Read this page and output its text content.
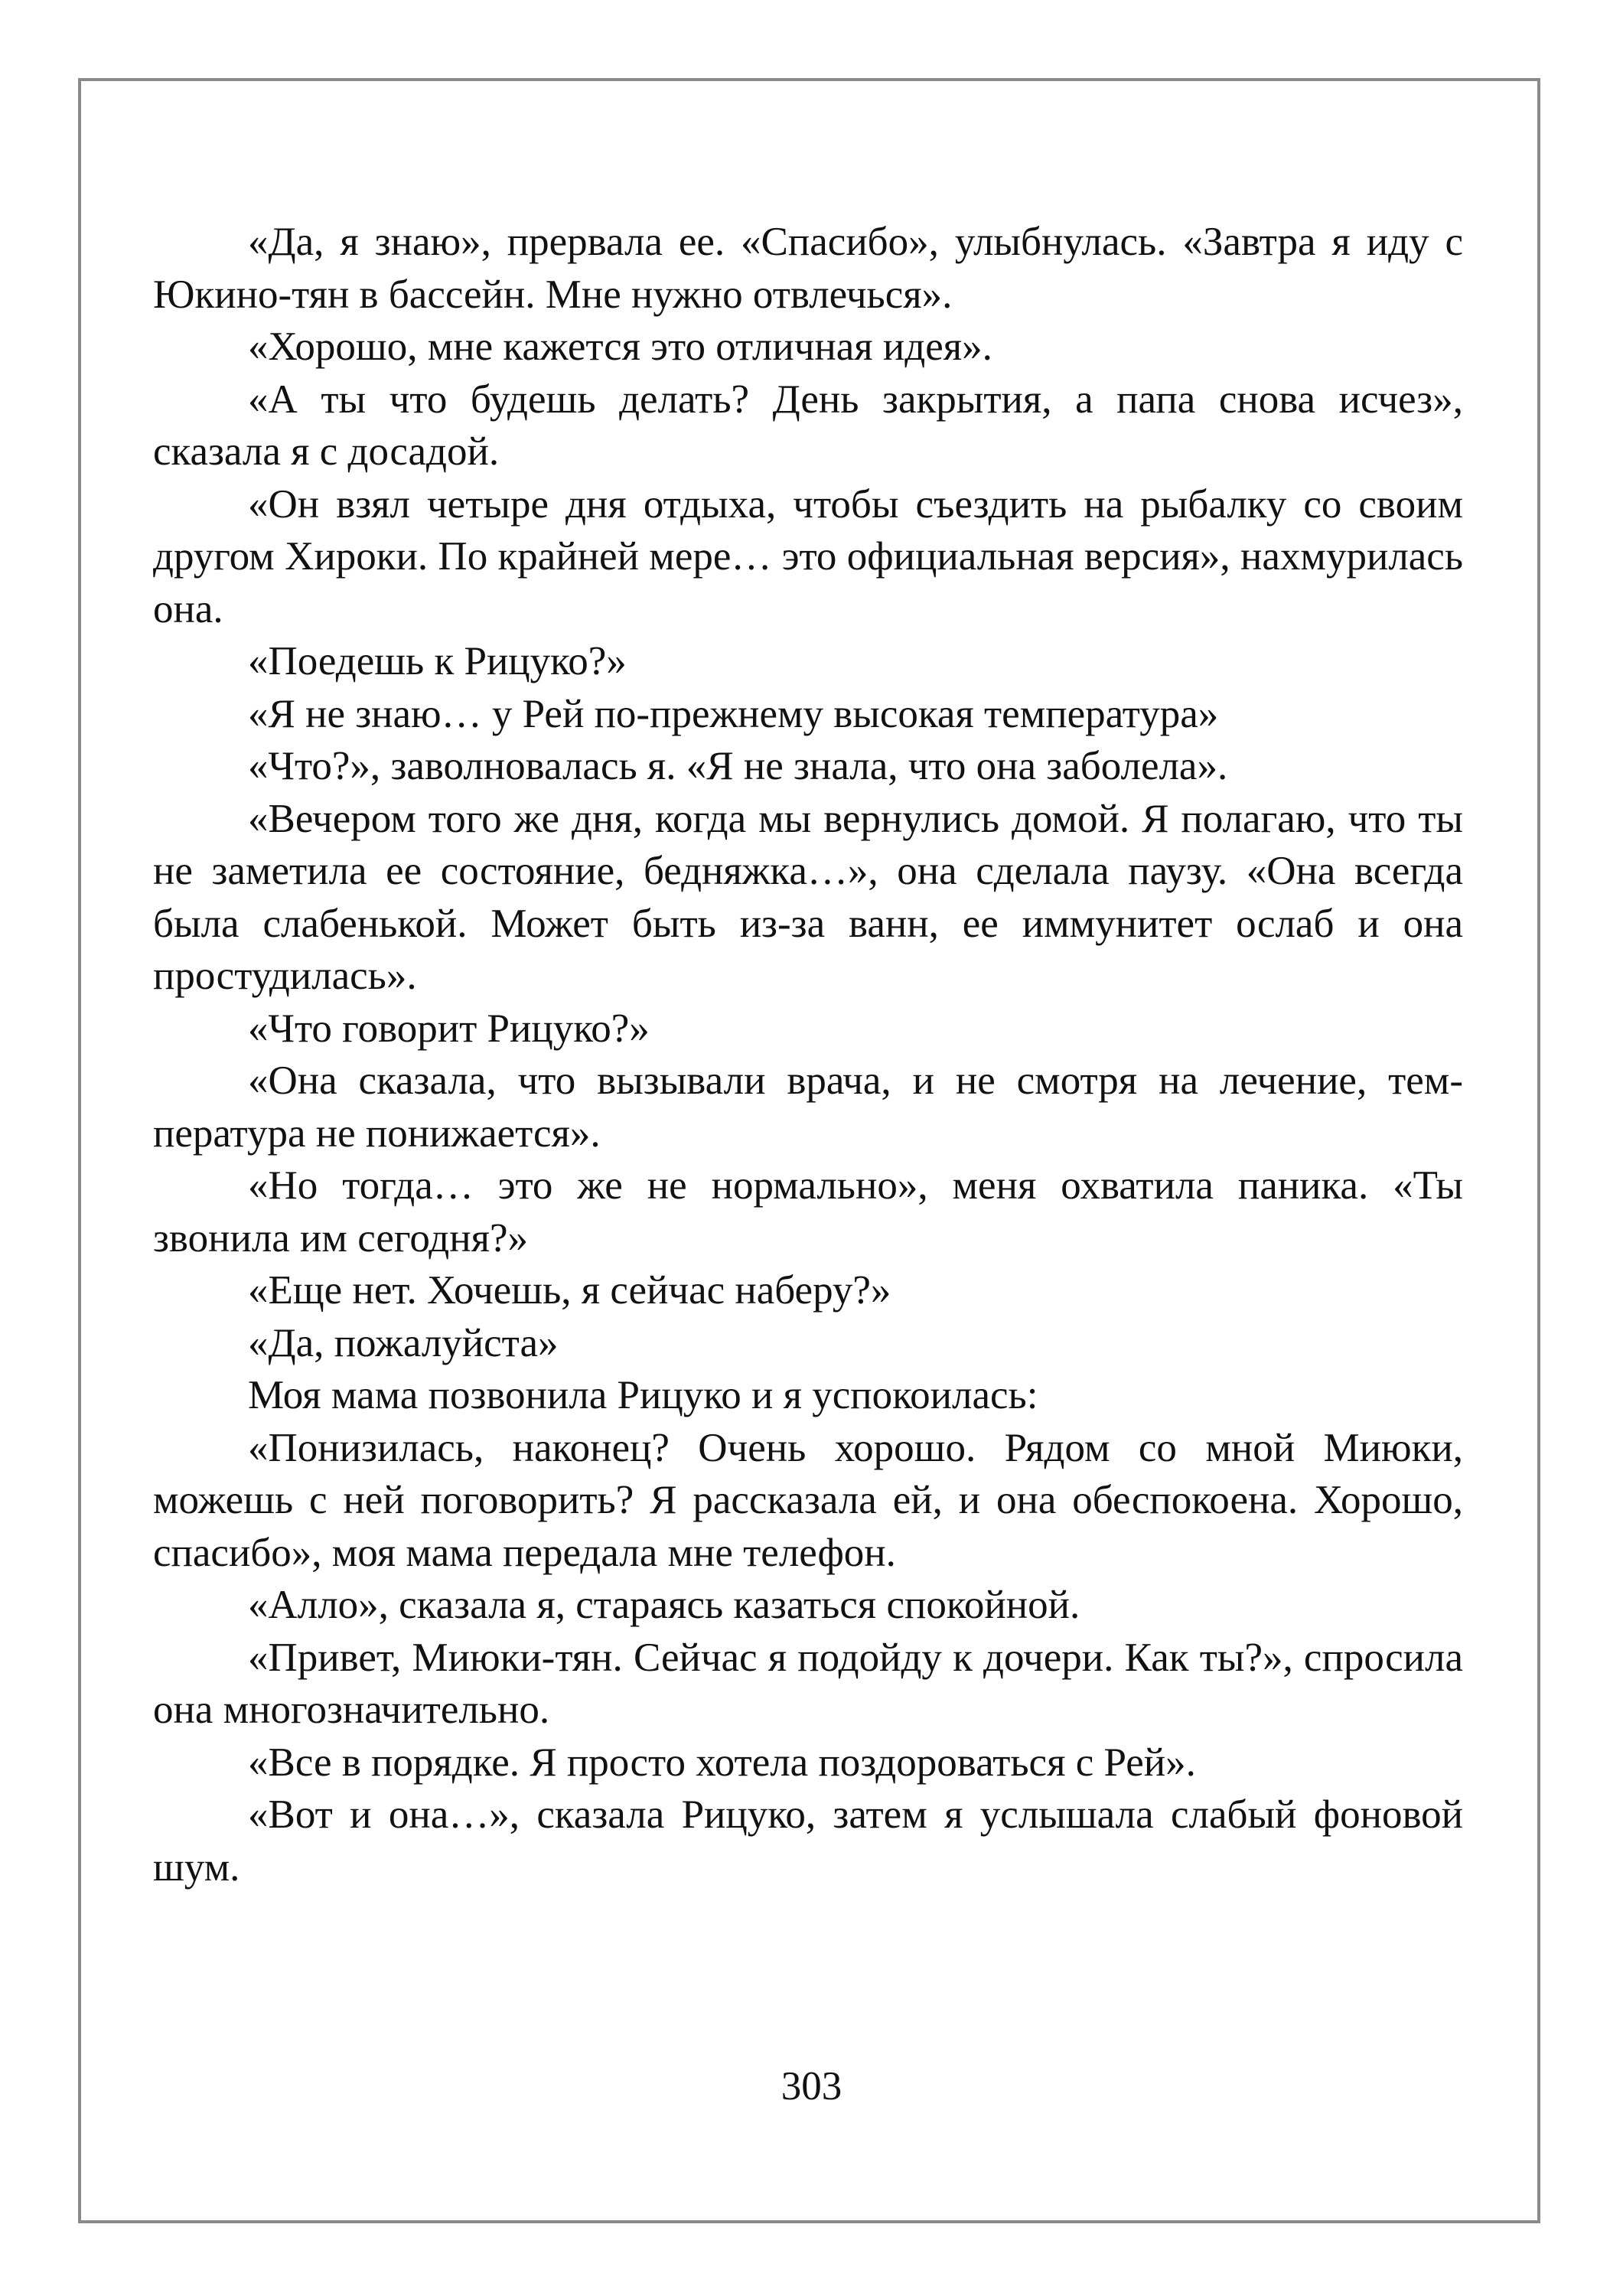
«Да, я знаю», прервала ее. «Спасибо», улыбнулась. «Завтра я иду с Юкино-тян в бассейн. Мне нужно отвлечься».

«Хорошо, мне кажется это отличная идея».

«А ты что будешь делать? День закрытия, а папа снова исчез», сказала я с досадой.

«Он взял четыре дня отдыха, чтобы съездить на рыбалку со своим другом Хироки. По крайней мере… это официальная версия», нахмурилась она.

«Поедешь к Рицуко?»

«Я не знаю… у Рей по-прежнему высокая температура»

«Что?», заволновалась я. «Я не знала, что она заболела».

«Вечером того же дня, когда мы вернулись домой. Я полагаю, что ты не заметила ее состояние, бедняжка…», она сделала паузу. «Она всегда была слабенькой. Может быть из-за ванн, ее иммунитет ослаб и она простудилась».

«Что говорит Рицуко?»

«Она сказала, что вызывали врача, и не смотря на лечение, температура не понижается».

«Но тогда… это же не нормально», меня охватила паника. «Ты звонила им сегодня?»

«Еще нет. Хочешь, я сейчас наберу?»

«Да, пожалуйста»

Моя мама позвонила Рицуко и я успокоилась:

«Понизилась, наконец? Очень хорошо. Рядом со мной Миюки, можешь с ней поговорить? Я рассказала ей, и она обеспокоена. Хорошо, спасибо», моя мама передала мне телефон.

«Алло», сказала я, стараясь казаться спокойной.

«Привет, Миюки-тян. Сейчас я подойду к дочери. Как ты?», спросила она многозначительно.

«Все в порядке. Я просто хотела поздороваться с Рей».

«Вот и она…», сказала Рицуко, затем я услышала слабый фоновой шум.

303
